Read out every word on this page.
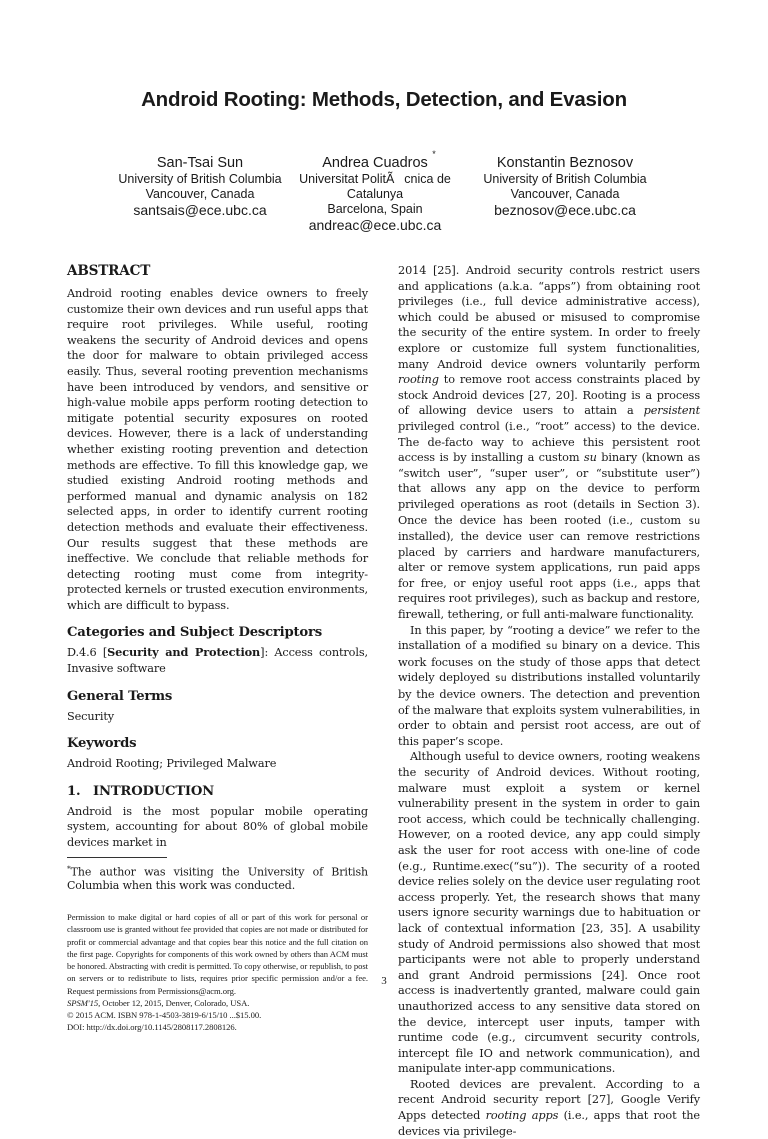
Android Rooting: Methods, Detection, and Evasion
San-Tsai Sun
University of British Columbia
Vancouver, Canada
santsais@ece.ubc.ca
Andrea Cuadros
*
Universitat PolitÃcnica de
Catalunya
Barcelona, Spain
andreac@ece.ubc.ca
Konstantin Beznosov
University of British Columbia
Vancouver, Canada
beznosov@ece.ubc.ca
ABSTRACT

Android rooting enables device owners to freely customize their own devices and run useful apps that require root privileges. While useful, rooting weakens the security of Android devices and opens the door for malware to obtain privileged access easily. Thus, several rooting prevention mechanisms have been introduced by vendors, and sensitive or high-value mobile apps perform rooting detection to mitigate potential security exposures on rooted devices. However, there is a lack of understanding whether existing rooting prevention and detection methods are effective. To fill this knowledge gap, we studied existing Android rooting methods and performed manual and dynamic analysis on 182 selected apps, in order to identify current rooting detection methods and evaluate their effectiveness. Our results suggest that these methods are ineffective. We conclude that reliable methods for detecting rooting must come from integrity-protected kernels or trusted execution environments, which are difficult to bypass.

Categories and Subject Descriptors

D.4.6 [Security and Protection]: Access controls, Invasive software

General Terms

Security

Keywords

Android Rooting; Privileged Malware

1. INTRODUCTION

Android is the most popular mobile operating system, accounting for about 80% of global mobile devices market in

*The author was visiting the University of British Columbia when this work was conducted.

Permission to make digital or hard copies of all or part of this work for personal or classroom use is granted without fee provided that copies are not made or distributed for profit or commercial advantage and that copies bear this notice and the full citation on the first page. Copyrights for components of this work owned by others than ACM must be honored. Abstracting with credit is permitted. To copy otherwise, or republish, to post on servers or to redistribute to lists, requires prior specific permission and/or a fee. Request permissions from Permissions@acm.org.
SPSM'15, October 12, 2015, Denver, Colorado, USA.
© 2015 ACM. ISBN 978-1-4503-3819-6/15/10 ...$15.00.
DOI: http://dx.doi.org/10.1145/2808117.2808126.

2014 [25]. Android security controls restrict users and applications (a.k.a. “apps”) from obtaining root privileges (i.e., full device administrative access), which could be abused or misused to compromise the security of the entire system. In order to freely explore or customize full system functionalities, many Android device owners voluntarily perform rooting to remove root access constraints placed by stock Android devices [27, 20]. Rooting is a process of allowing device users to attain a persistent privileged control (i.e., “root” access) to the device. The de-facto way to achieve this persistent root access is by installing a custom su binary (known as “switch user”, “super user”, or “substitute user”) that allows any app on the device to perform privileged operations as root (details in Section 3). Once the device has been rooted (i.e., custom su installed), the device user can remove restrictions placed by carriers and hardware manufacturers, alter or remove system applications, run paid apps for free, or enjoy useful root apps (i.e., apps that requires root privileges), such as backup and restore, firewall, tethering, or full anti-malware functionality.

In this paper, by “rooting a device” we refer to the installation of a modified su binary on a device. This work focuses on the study of those apps that detect widely deployed su distributions installed voluntarily by the device owners. The detection and prevention of the malware that exploits system vulnerabilities, in order to obtain and persist root access, are out of this paper’s scope.

Although useful to device owners, rooting weakens the security of Android devices. Without rooting, malware must exploit a system or kernel vulnerability present in the system in order to gain root access, which could be technically challenging. However, on a rooted device, any app could simply ask the user for root access with one-line of code (e.g., Runtime.exec(“su”)). The security of a rooted device relies solely on the device user regulating root access properly. Yet, the research shows that many users ignore security warnings due to habituation or lack of contextual information [23, 35]. A usability study of Android permissions also showed that most participants were not able to properly understand and grant Android permissions [24]. Once root access is inadvertently granted, malware could gain unauthorized access to any sensitive data stored on the device, intercept user inputs, tamper with runtime code (e.g., circumvent security controls, intercept file IO and network communication), and manipulate inter-app communications.

Rooted devices are prevalent. According to a recent Android security report [27], Google Verify Apps detected rooting apps (i.e., apps that root the devices via privilege-

3
